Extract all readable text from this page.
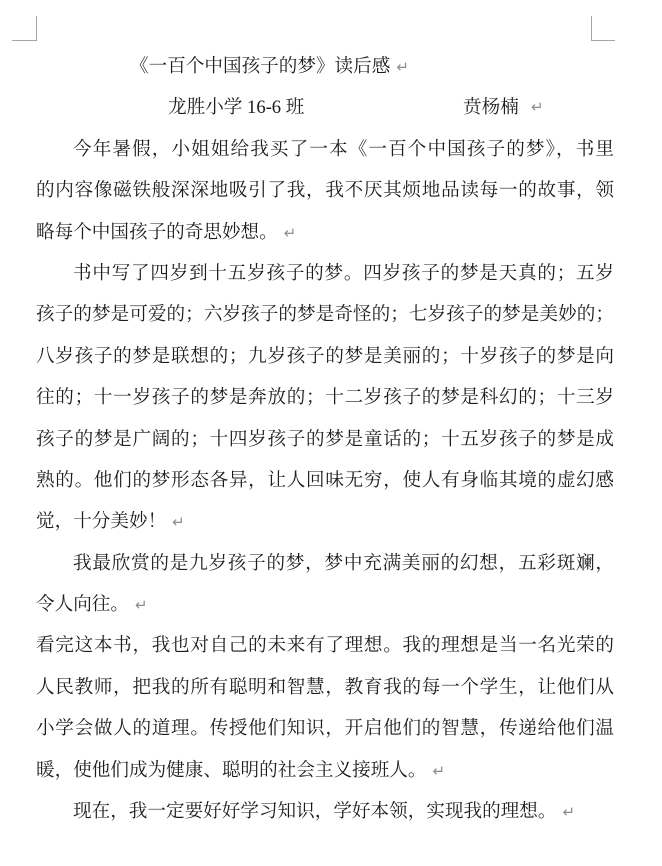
《一百个中国孩子的梦》读后感 ↵
龙胜小学 16-6 班	贲杨楠 ↵
今年暑假，小姐姐给我买了一本《一百个中国孩子的梦》，书里
的内容像磁铁般深深地吸引了我，我不厌其烦地品读每一的故事，领
略每个中国孩子的奇思妙想。 ↵
书中写了四岁到十五岁孩子的梦。四岁孩子的梦是天真的；五岁
孩子的梦是可爱的；六岁孩子的梦是奇怪的；七岁孩子的梦是美妙的；
八岁孩子的梦是联想的；九岁孩子的梦是美丽的；十岁孩子的梦是向
往的；十一岁孩子的梦是奔放的；十二岁孩子的梦是科幻的；十三岁
孩子的梦是广阔的；十四岁孩子的梦是童话的；十五岁孩子的梦是成
熟的。他们的梦形态各异，让人回味无穷，使人有身临其境的虚幻感
觉，十分美妙！ ↵
我最欣赏的是九岁孩子的梦，梦中充满美丽的幻想，五彩斑斓，
令人向往。 ↵
看完这本书，我也对自己的未来有了理想。我的理想是当一名光荣的
人民教师，把我的所有聪明和智慧，教育我的每一个学生，让他们从
小学会做人的道理。传授他们知识，开启他们的智慧，传递给他们温
暖，使他们成为健康、聪明的社会主义接班人。 ↵
现在，我一定要好好学习知识，学好本领，实现我的理想。 ↵
